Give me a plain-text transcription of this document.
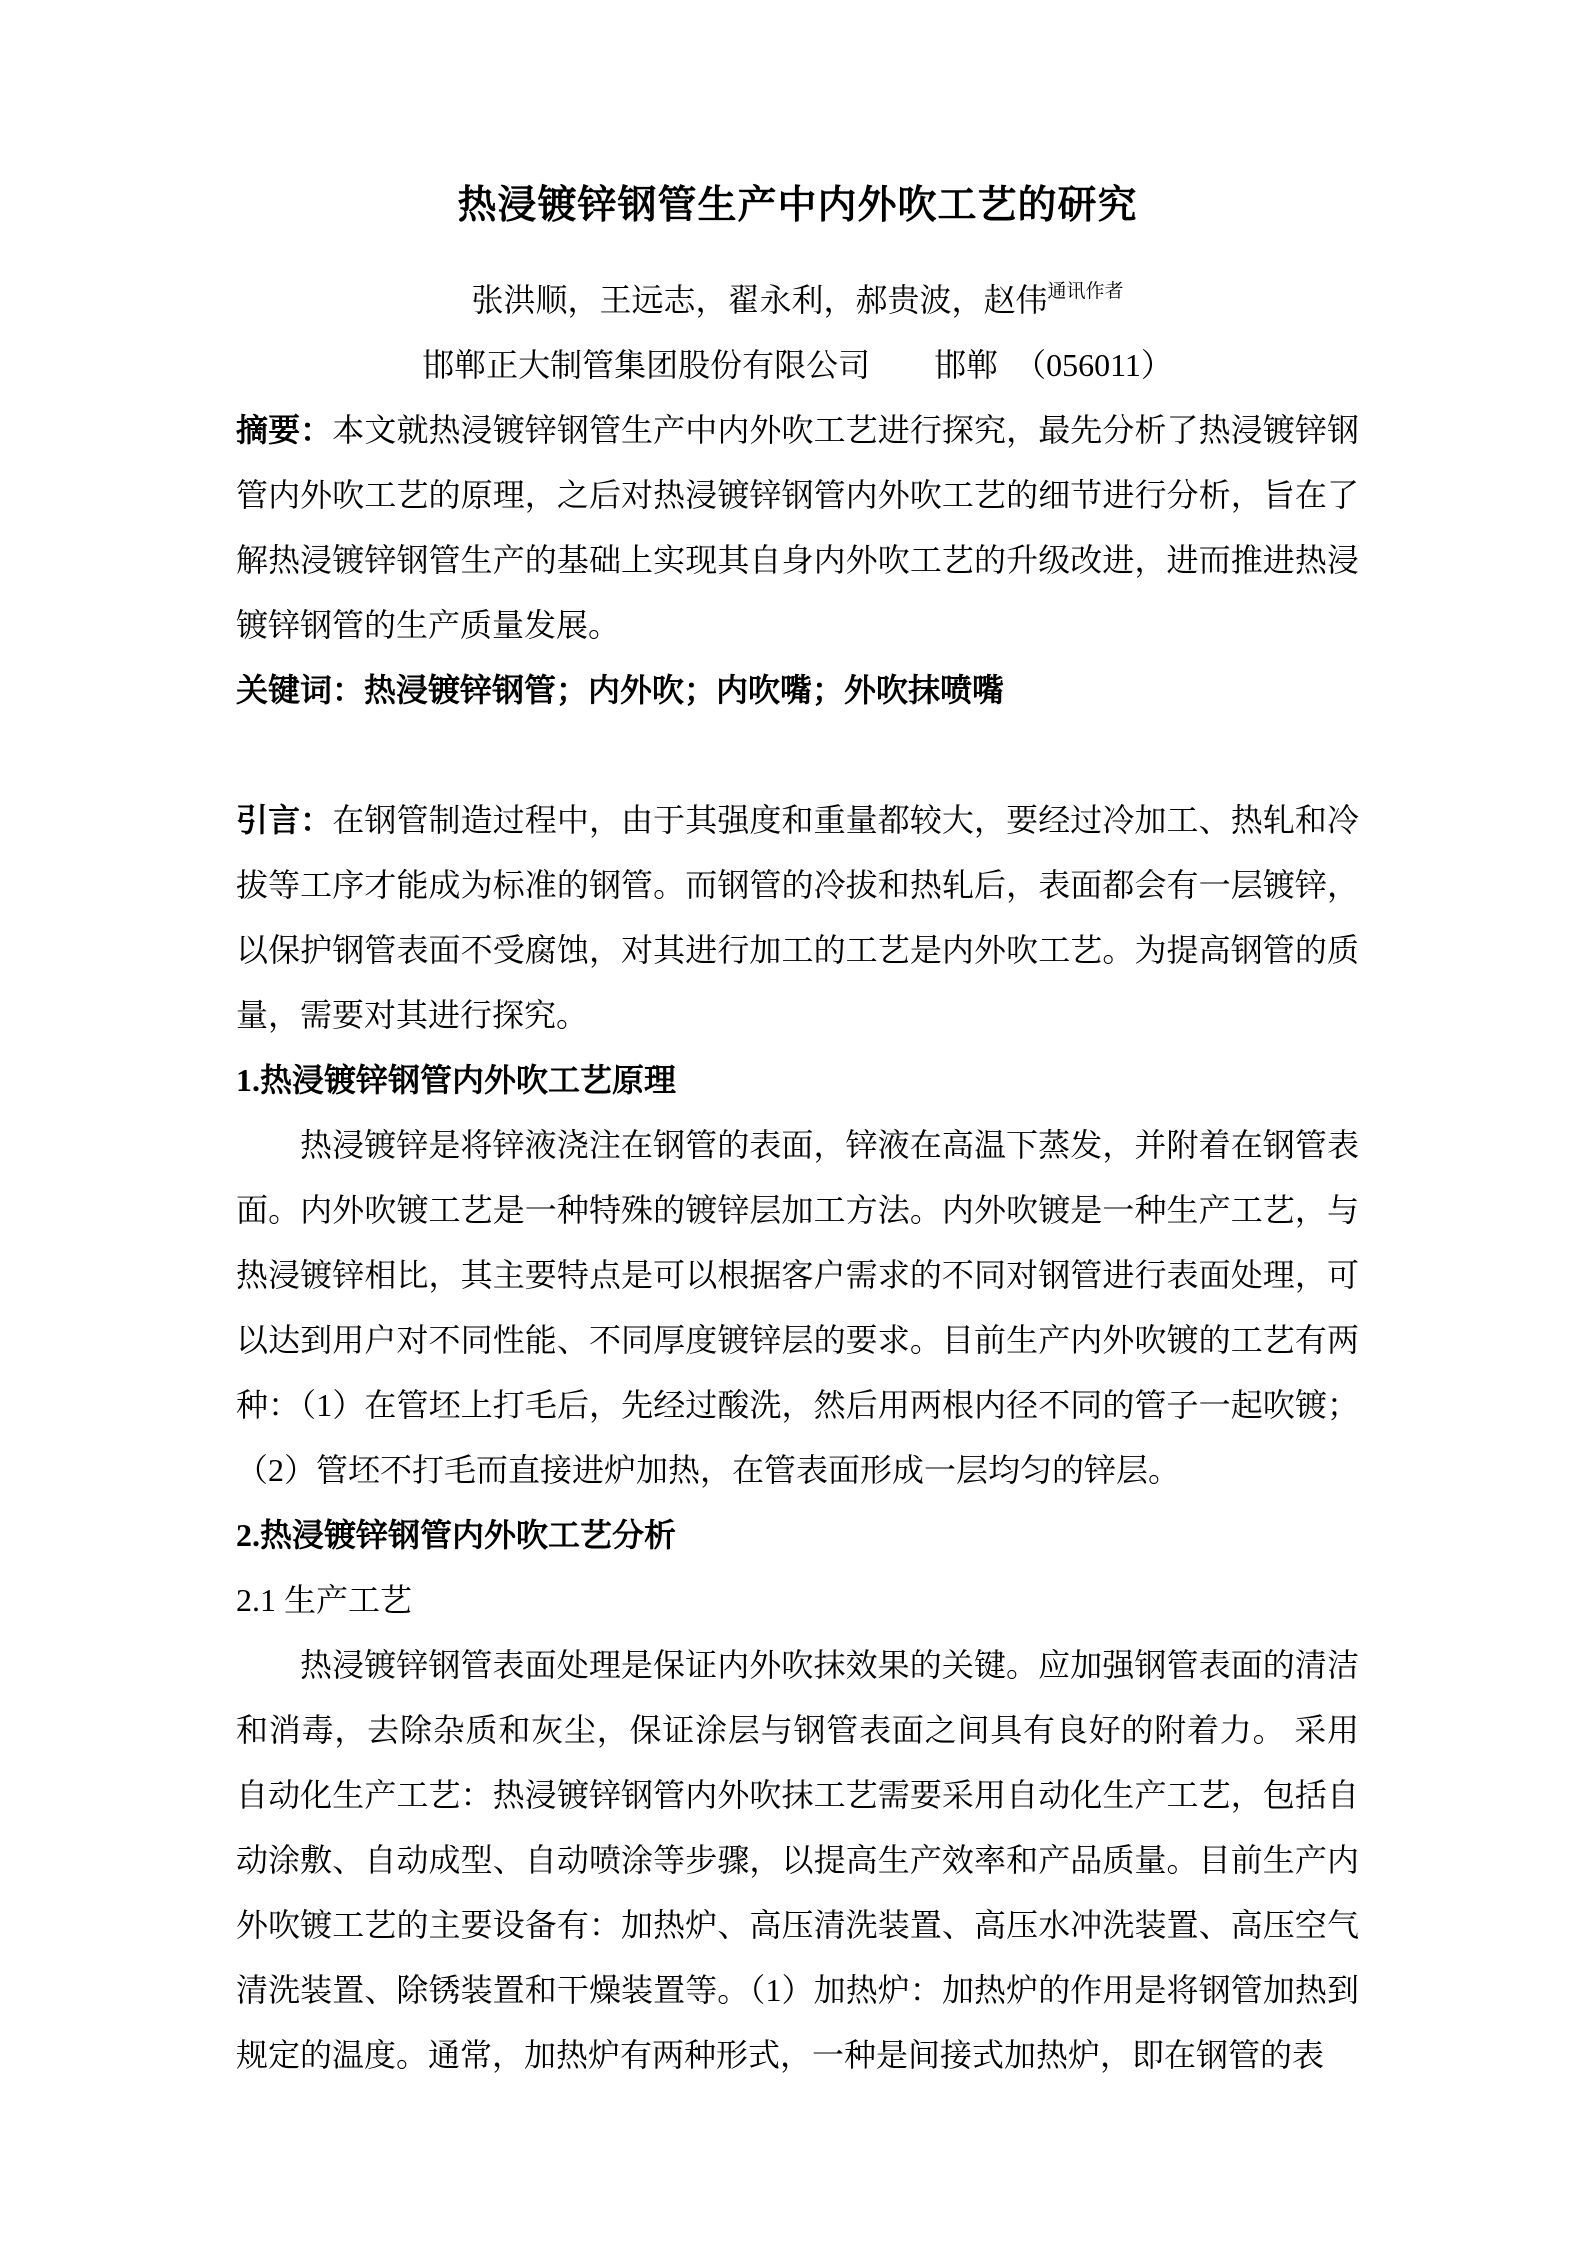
热浸镀锌钢管生产中内外吹工艺的研究
张洪顺，王远志，翟永利，郝贵波，赵伟$^{通讯作者}$
邯郸正大制管集团股份有限公司　　邯郸　（056011）
摘要：本文就热浸镀锌钢管生产中内外吹工艺进行探究，最先分析了热浸镀锌钢管内外吹工艺的原理，之后对热浸镀锌钢管内外吹工艺的细节进行分析，旨在了解热浸镀锌钢管生产的基础上实现其自身内外吹工艺的升级改进，进而推进热浸镀锌钢管的生产质量发展。
关键词：热浸镀锌钢管；内外吹；内吹嘴；外吹抹喷嘴
引言：在钢管制造过程中，由于其强度和重量都较大，要经过冷加工、热轧和冷拔等工序才能成为标准的钢管。而钢管的冷拔和热轧后，表面都会有一层镀锌，以保护钢管表面不受腐蚀，对其进行加工的工艺是内外吹工艺。为提高钢管的质量，需要对其进行探究。
1.热浸镀锌钢管内外吹工艺原理
热浸镀锌是将锌液浇注在钢管的表面，锌液在高温下蒸发，并附着在钢管表面。内外吹镀工艺是一种特殊的镀锌层加工方法。内外吹镀是一种生产工艺，与热浸镀锌相比，其主要特点是可以根据客户需求的不同对钢管进行表面处理，可以达到用户对不同性能、不同厚度镀锌层的要求。目前生产内外吹镀的工艺有两种：（1）在管坯上打毛后，先经过酸洗，然后用两根内径不同的管子一起吹镀；（2）管坯不打毛而直接进炉加热，在管表面形成一层均匀的锌层。
2.热浸镀锌钢管内外吹工艺分析
2.1 生产工艺
热浸镀锌钢管表面处理是保证内外吹抹效果的关键。应加强钢管表面的清洁和消毒，去除杂质和灰尘，保证涂层与钢管表面之间具有良好的附着力。 采用自动化生产工艺：热浸镀锌钢管内外吹抹工艺需要采用自动化生产工艺，包括自动涂敷、自动成型、自动喷涂等步骤，以提高生产效率和产品质量。目前生产内外吹镀工艺的主要设备有：加热炉、高压清洗装置、高压水冲洗装置、高压空气清洗装置、除锈装置和干燥装置等。（1）加热炉：加热炉的作用是将钢管加热到规定的温度。通常，加热炉有两种形式，一种是间接式加热炉，即在钢管的表
